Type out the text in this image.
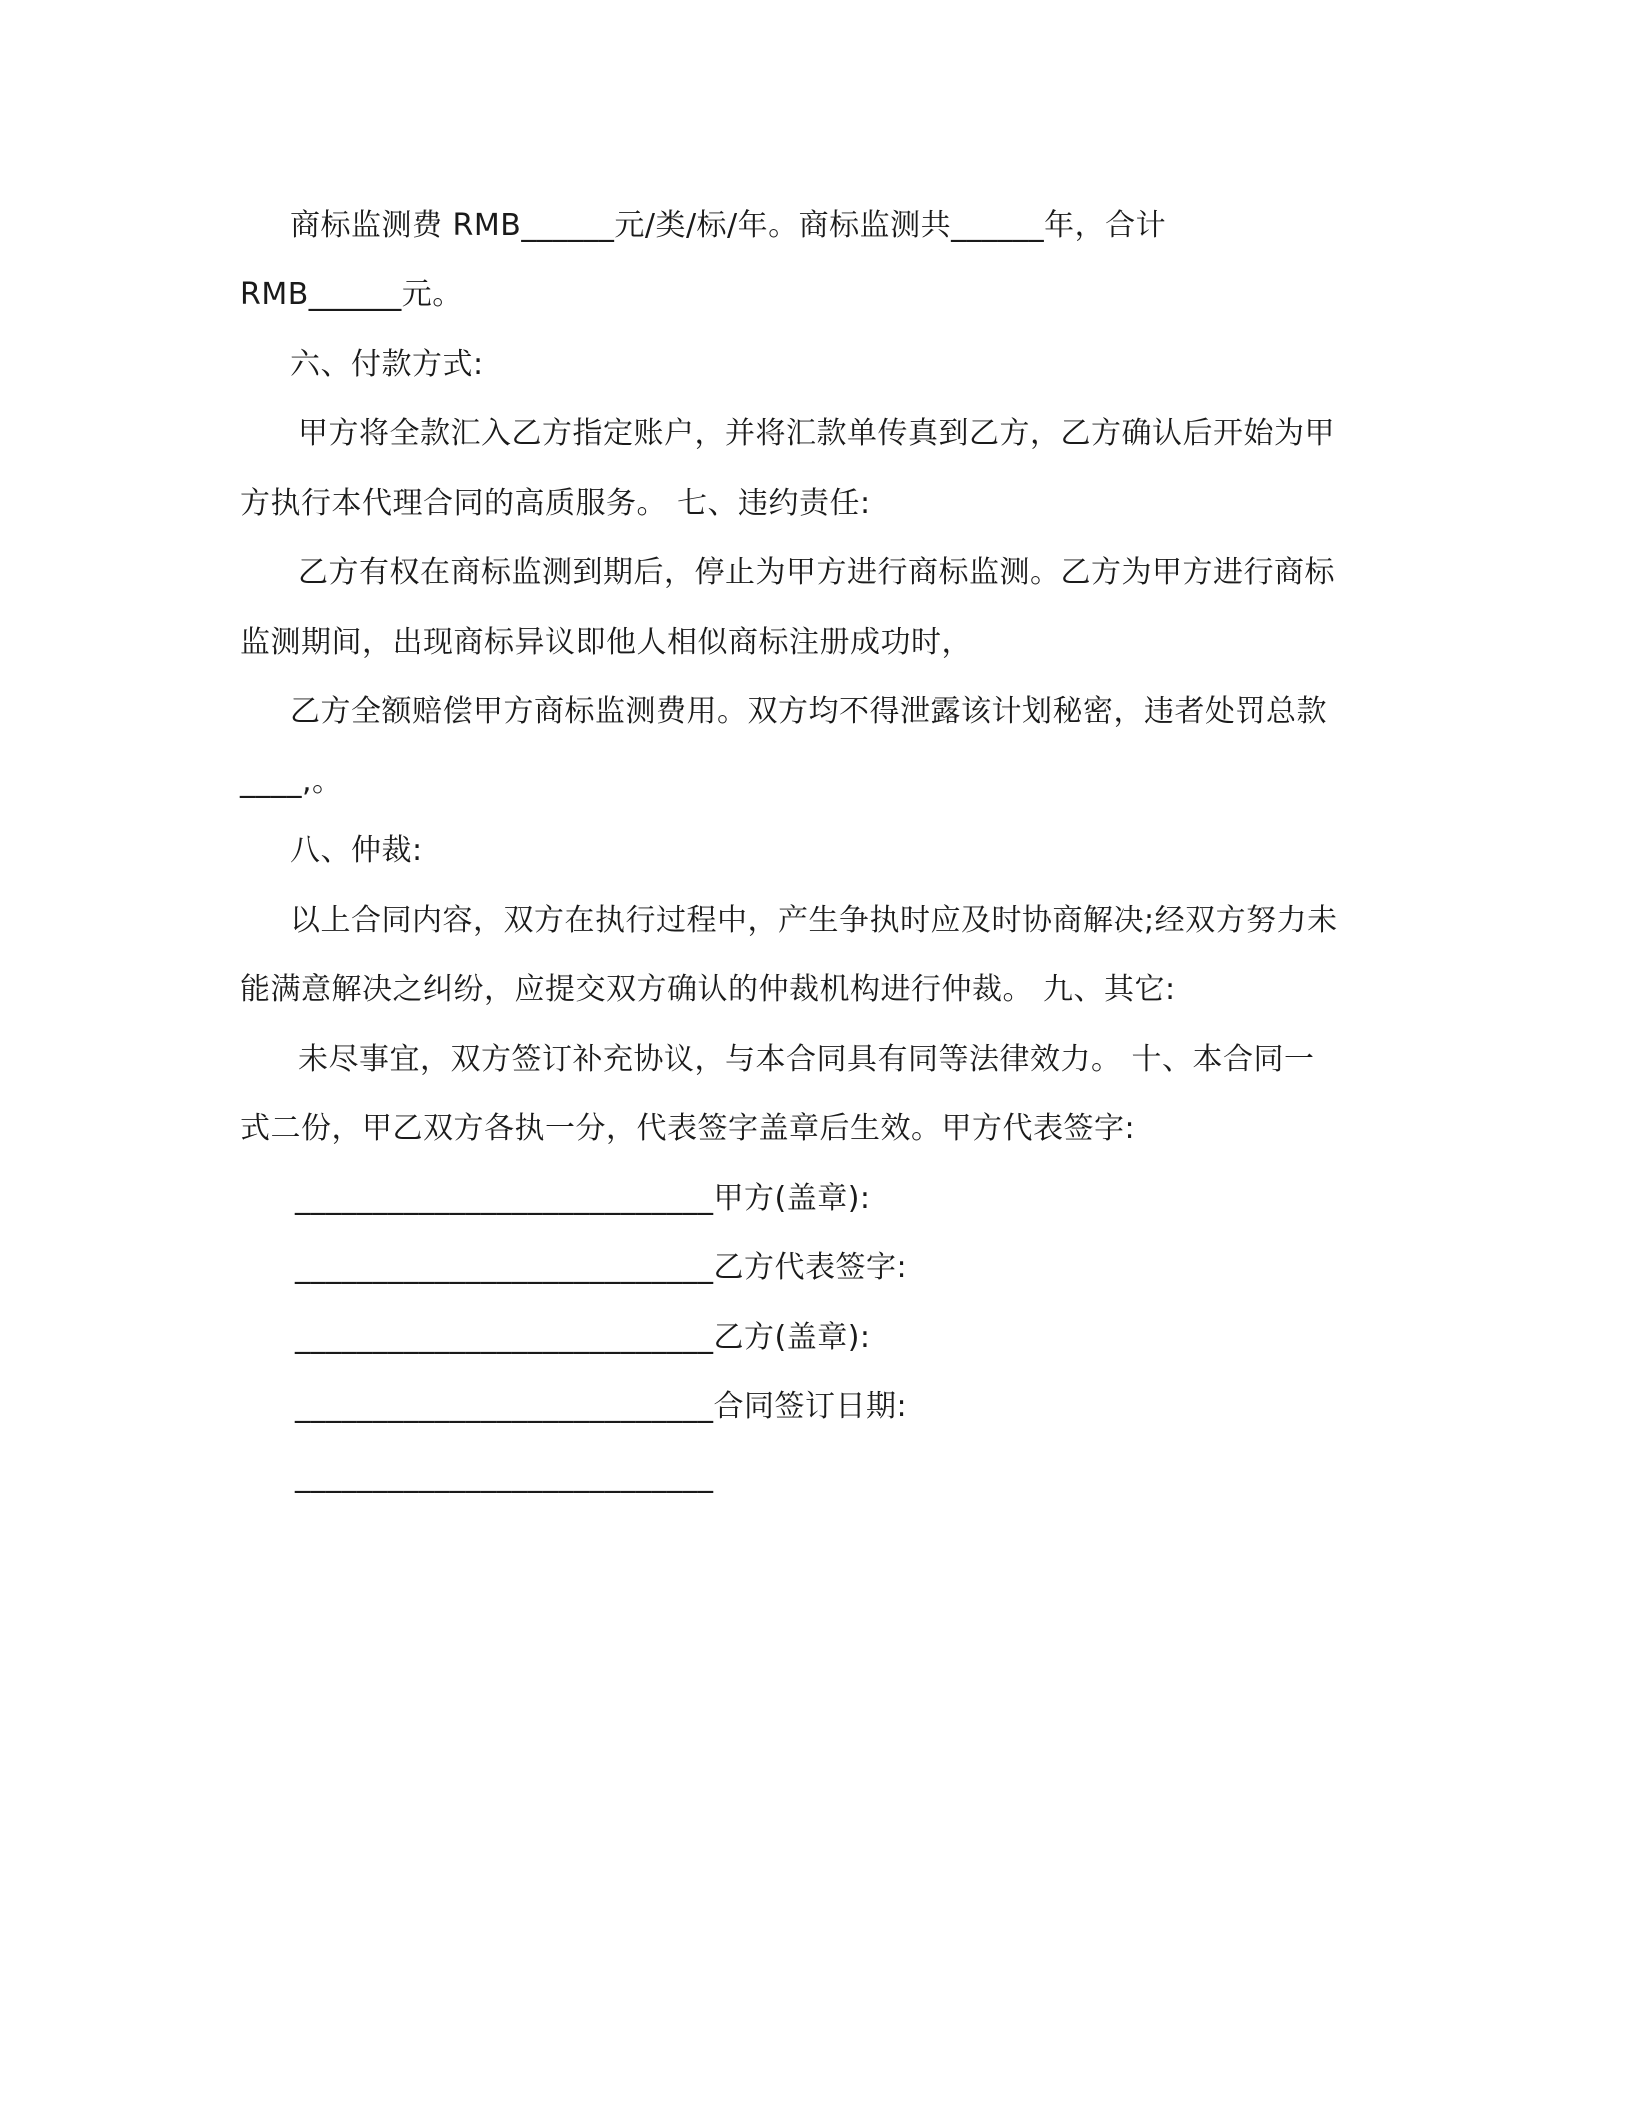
商标监测费 RMB______元/类/标/年。商标监测共______年，合计
RMB______元。
六、付款方式:
甲方将全款汇入乙方指定账户，并将汇款单传真到乙方，乙方确认后开始为甲
方执行本代理合同的高质服务。 七、违约责任:
乙方有权在商标监测到期后，停止为甲方进行商标监测。乙方为甲方进行商标
监测期间，出现商标异议即他人相似商标注册成功时，
乙方全额赔偿甲方商标监测费用。双方均不得泄露该计划秘密，违者处罚总款
____,。
八、仲裁:
以上合同内容，双方在执行过程中，产生争执时应及时协商解决;经双方努力未
能满意解决之纠纷，应提交双方确认的仲裁机构进行仲裁。 九、其它:
未尽事宜，双方签订补充协议，与本合同具有同等法律效力。 十、本合同一
式二份，甲乙双方各执一分，代表签字盖章后生效。甲方代表签字:
___________________________甲方(盖章):
___________________________乙方代表签字:
___________________________乙方(盖章):
___________________________合同签订日期:
___________________________
